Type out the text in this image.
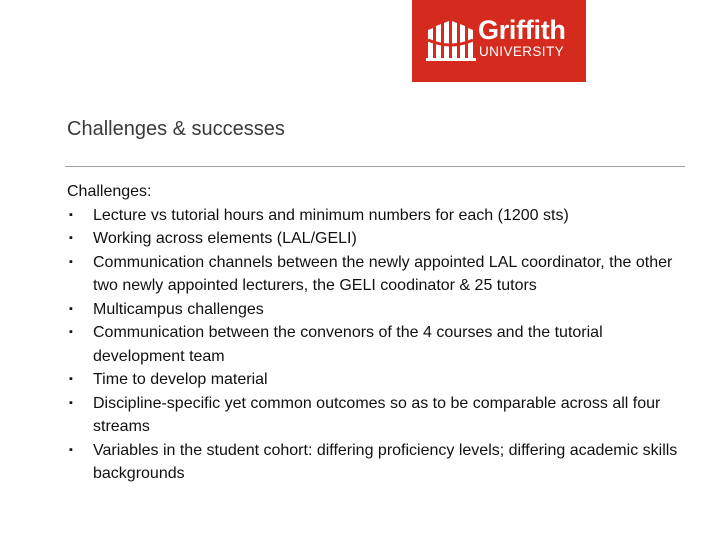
Griffith
UNIVERSITY
Challenges & successes

Challenges:

▪ Lecture vs tutorial hours and minimum numbers for each (1200 sts)
▪ Working across elements (LAL/GELI)
▪ Communication channels between the newly appointed LAL coordinator, the other two newly appointed lecturers, the GELI coodinator & 25 tutors
▪ Multicampus challenges
▪ Communication between the convenors of the 4 courses and the tutorial development team
▪ Time to develop material
▪ Discipline-specific yet common outcomes so as to be comparable across all four streams
▪ Variables in the student cohort: differing proficiency levels; differing academic skills backgrounds
